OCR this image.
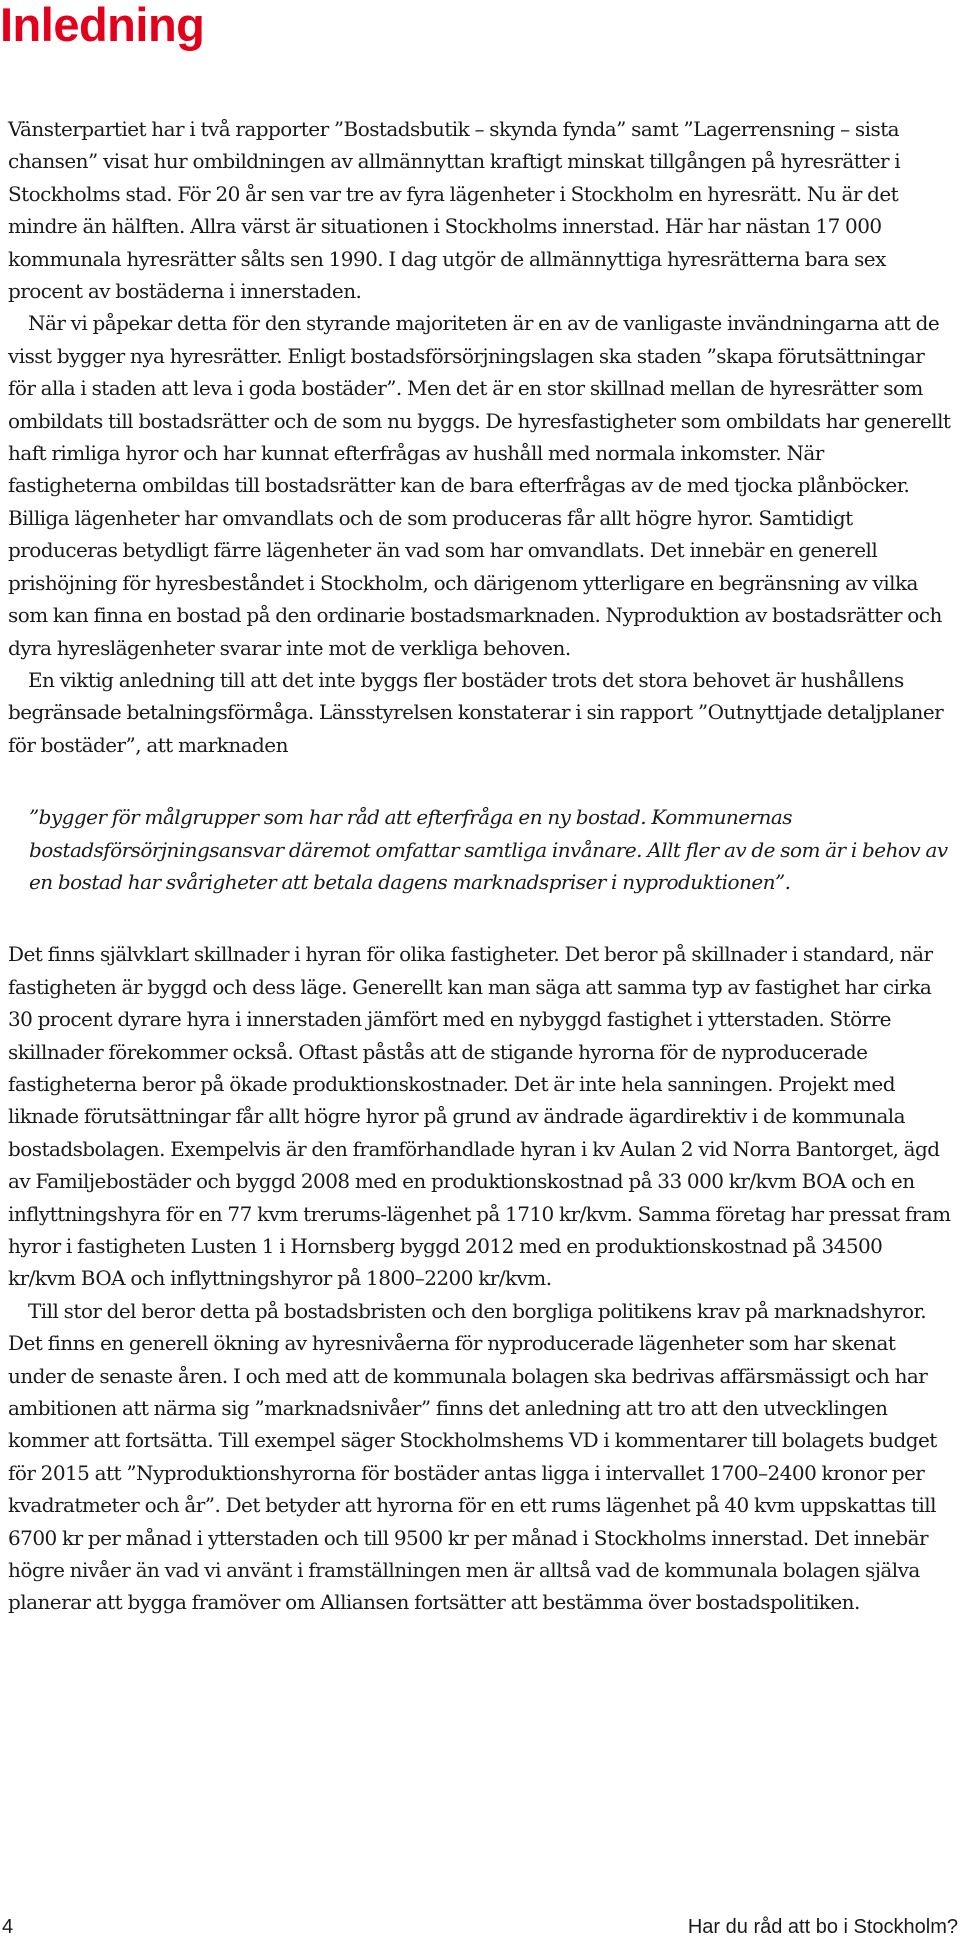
Inledning

Vänsterpartiet har i två rapporter ”Bostadsbutik – skynda fynda” samt ”Lagerrensning – sista chansen” visat hur ombildningen av allmännyttan kraftigt minskat tillgången på hyresrätter i Stockholms stad. För 20 år sen var tre av fyra lägenheter i Stockholm en hyresrätt. Nu är det mindre än hälften. Allra värst är situationen i Stockholms innerstad. Här har nästan 17 000 kommunala hyresrätter sålts sen 1990. I dag utgör de allmännyttiga hyresrätterna bara sex procent av bostäderna i innerstaden.

När vi påpekar detta för den styrande majoriteten är en av de vanligaste invändningarna att de visst bygger nya hyresrätter. Enligt bostadsförsörjningslagen ska staden ”skapa förutsättningar för alla i staden att leva i goda bostäder”. Men det är en stor skillnad mellan de hyresrätter som ombildats till bostadsrätter och de som nu byggs. De hyresfastigheter som ombildats har generellt haft rimliga hyror och har kunnat efterfrågas av hushåll med normala inkomster. När fastigheterna ombildas till bostadsrätter kan de bara efterfrågas av de med tjocka plånböcker. Billiga lägenheter har omvandlats och de som produceras får allt högre hyror. Samtidigt produceras betydligt färre lägenheter än vad som har omvandlats. Det innebär en generell prishöjning för hyresbeståndet i Stockholm, och därigenom ytterligare en begränsning av vilka som kan finna en bostad på den ordinarie bostadsmarknaden. Nyproduktion av bostadsrätter och dyra hyreslägenheter svarar inte mot de verkliga behoven.

En viktig anledning till att det inte byggs fler bostäder trots det stora behovet är hushållens begränsade betalningsförmåga. Länsstyrelsen konstaterar i sin rapport ”Outnyttjade detaljplaner för bostäder”, att marknaden

”bygger för målgrupper som har råd att efterfråga en ny bostad. Kommunernas bostadsförsörjningsansvar däremot omfattar samtliga invånare. Allt fler av de som är i behov av en bostad har svårigheter att betala dagens marknadspriser i nyproduktionen”.

Det finns självklart skillnader i hyran för olika fastigheter. Det beror på skillnader i standard, när fastigheten är byggd och dess läge. Generellt kan man säga att samma typ av fastighet har cirka 30 procent dyrare hyra i innerstaden jämfört med en nybyggd fastighet i ytterstaden. Större skillnader förekommer också. Oftast påstås att de stigande hyrorna för de nyproducerade fastigheterna beror på ökade produktionskostnader. Det är inte hela sanningen. Projekt med liknade förutsättningar får allt högre hyror på grund av ändrade ägardirektiv i de kommunala bostadsbolagen. Exempelvis är den framförhandlade hyran i kv Aulan 2 vid Norra Bantorget, ägd av Familjebostäder och byggd 2008 med en produktionskostnad på 33 000 kr/kvm BOA och en inflyttningshyra för en 77 kvm trerums-lägenhet på 1710 kr/kvm. Samma företag har pressat fram hyror i fastigheten Lusten 1 i Hornsberg byggd 2012 med en produktionskostnad på 34500 kr/kvm BOA och inflyttningshyror på 1800–2200 kr/kvm.

Till stor del beror detta på bostadsbristen och den borgliga politikens krav på marknadshyror. Det finns en generell ökning av hyresnivåerna för nyproducerade lägenheter som har skenat under de senaste åren. I och med att de kommunala bolagen ska bedrivas affärsmässigt och har ambitionen att närma sig ”marknadsnivåer” finns det anledning att tro att den utvecklingen kommer att fortsätta. Till exempel säger Stockholmshems VD i kommentarer till bolagets budget för 2015 att ”Nyproduktionshyrorna för bostäder antas ligga i intervallet 1700–2400 kronor per kvadratmeter och år”. Det betyder att hyrorna för en ett rums lägenhet på 40 kvm uppskattas till 6700 kr per månad i ytterstaden och till 9500 kr per månad i Stockholms innerstad. Det innebär högre nivåer än vad vi använt i framställningen men är alltså vad de kommunala bolagen själva planerar att bygga framöver om Alliansen fortsätter att bestämma över bostadspolitiken.

4	Har du råd att bo i Stockholm?
